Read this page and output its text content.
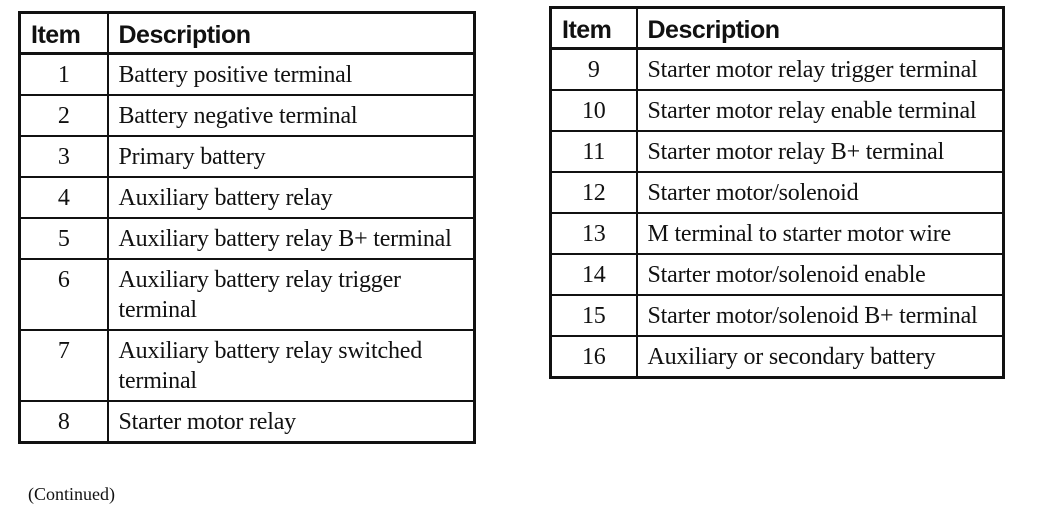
Item	Description
1	Battery positive terminal
2	Battery negative terminal
3	Primary battery
4	Auxiliary battery relay
5	Auxiliary battery relay B+ terminal
6	Auxiliary battery relay trigger terminal
7	Auxiliary battery relay switched terminal
8	Starter motor relay
(Continued)
Item	Description
9	Starter motor relay trigger terminal
10	Starter motor relay enable terminal
11	Starter motor relay B+ terminal
12	Starter motor/solenoid
13	M terminal to starter motor wire
14	Starter motor/solenoid enable
15	Starter motor/solenoid B+ terminal
16	Auxiliary or secondary battery
